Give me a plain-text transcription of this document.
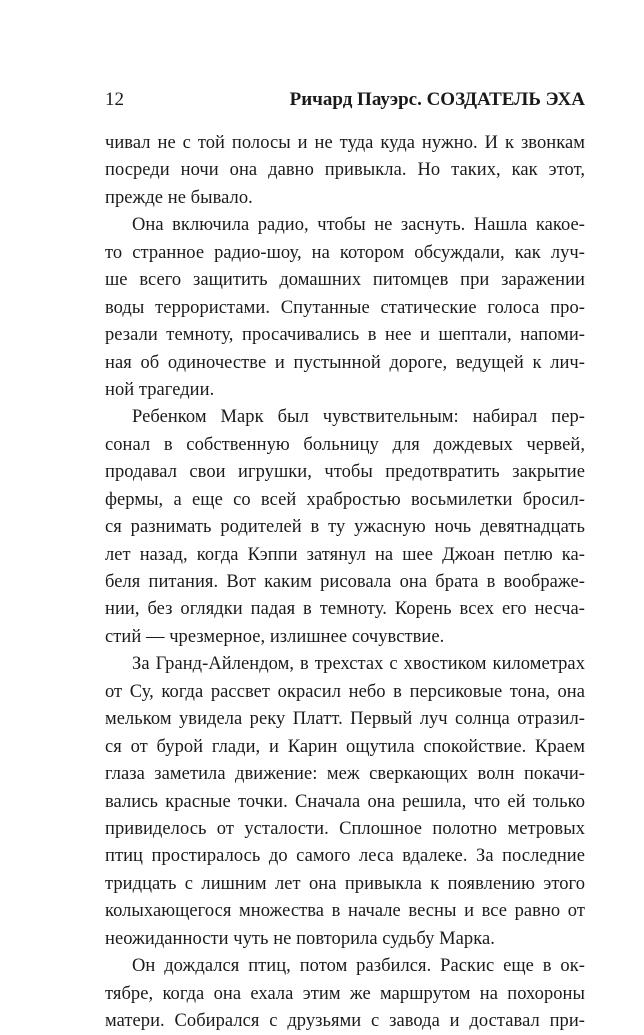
12	Ричард Пауэрс. СОЗДАТЕЛЬ ЭХА
чивал не с той полосы и не туда куда нужно. И к звонкам
посреди ночи она давно привыкла. Но таких, как этот,
прежде не бывало.
Она включила радио, чтобы не заснуть. Нашла какое-
то странное радио-шоу, на котором обсуждали, как луч-
ше всего защитить домашних питомцев при заражении
воды террористами. Спутанные статические голоса про-
резали темноту, просачивались в нее и шептали, напоми-
ная об одиночестве и пустынной дороге, ведущей к лич-
ной трагедии.
Ребенком Марк был чувствительным: набирал пер-
сонал в собственную больницу для дождевых червей,
продавал свои игрушки, чтобы предотвратить закрытие
фермы, а еще со всей храбростью восьмилетки бросил-
ся разнимать родителей в ту ужасную ночь девятнадцать
лет назад, когда Кэппи затянул на шее Джоан петлю ка-
беля питания. Вот каким рисовала она брата в воображе-
нии, без оглядки падая в темноту. Корень всех его несча-
стий — чрезмерное, излишнее сочувствие.
За Гранд-Айлендом, в трехстах с хвостиком километрах
от Су, когда рассвет окрасил небо в персиковые тона, она
мельком увидела реку Платт. Первый луч солнца отразил-
ся от бурой глади, и Карин ощутила спокойствие. Краем
глаза заметила движение: меж сверкающих волн покачи-
вались красные точки. Сначала она решила, что ей только
привиделось от усталости. Сплошное полотно метровых
птиц простиралось до самого леса вдалеке. За последние
тридцать с лишним лет она привыкла к появлению этого
колыхающегося множества в начале весны и все равно от
неожиданности чуть не повторила судьбу Марка.
Он дождался птиц, потом разбился. Раскис еще в ок-
тябре, когда она ехала этим же маршрутом на похороны
матери. Собирался с друзьями с завода и доставал при-
